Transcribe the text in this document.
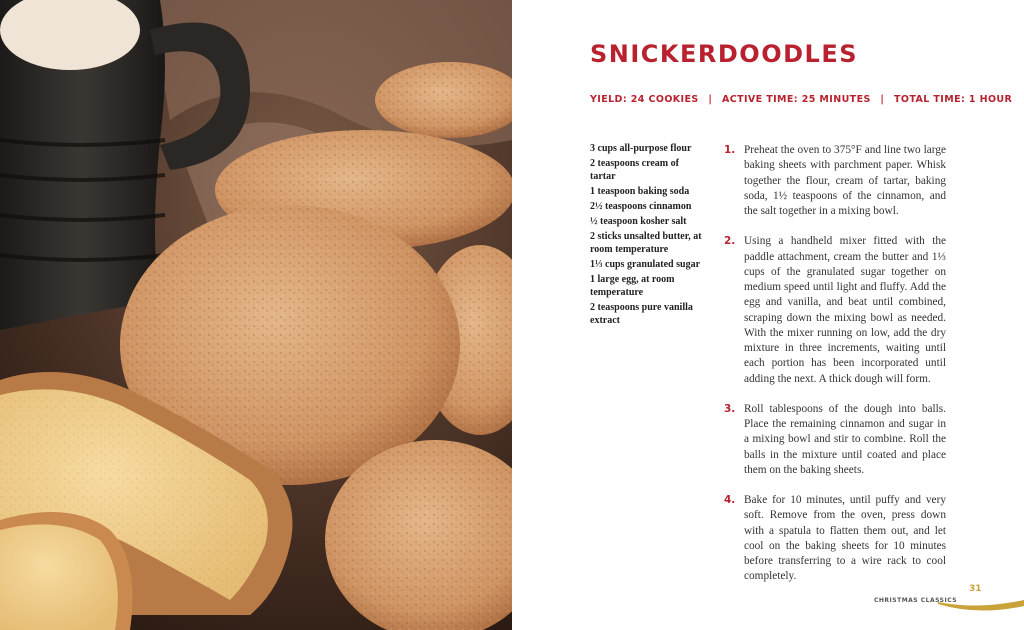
SNICKERDOODLES
YIELD: 24 COOKIES | ACTIVE TIME: 25 MINUTES | TOTAL TIME: 1 HOUR
3 cups all-purpose flour
2 teaspoons cream of tartar
1 teaspoon baking soda
2½ teaspoons cinnamon
½ teaspoon kosher salt
2 sticks unsalted butter, at room temperature
1⅓ cups granulated sugar
1 large egg, at room temperature
2 teaspoons pure vanilla extract
1. Preheat the oven to 375°F and line two large baking sheets with parchment paper. Whisk together the flour, cream of tartar, baking soda, 1½ teaspoons of the cinnamon, and the salt together in a mixing bowl.
2. Using a handheld mixer fitted with the paddle attachment, cream the butter and 1⅓ cups of the granulated sugar together on medium speed until light and fluffy. Add the egg and vanilla, and beat until combined, scraping down the mixing bowl as needed. With the mixer running on low, add the dry mixture in three increments, waiting until each portion has been incorporated until adding the next. A thick dough will form.
3. Roll tablespoons of the dough into balls. Place the remaining cinnamon and sugar in a mixing bowl and stir to combine. Roll the balls in the mixture until coated and place them on the baking sheets.
4. Bake for 10 minutes, until puffy and very soft. Remove from the oven, press down with a spatula to flatten them out, and let cool on the baking sheets for 10 minutes before transferring to a wire rack to cool completely.
31
CHRISTMAS CLASSICS
